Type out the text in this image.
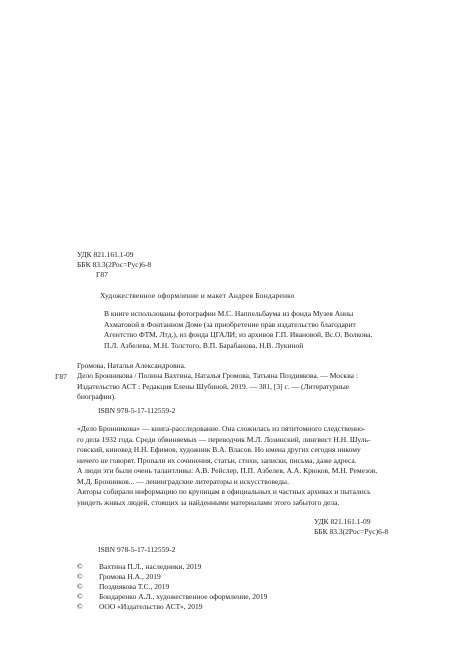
УДК 821.161.1-09
ББК 83.3(2Рос=Рус)6-8
Г87
Художественное оформление и макет Андрея Бондаренко
В книге использованы фотографии М.С. Наппельбаума из фонда Музея Анны
Ахматовой в Фонтанном Доме (за приобретение прав издательство благодарит
Агентство ФТМ, Лтд.), из фонда ЦГАЛИ; из архивов Г.П. Ивановой, Вс.О. Волкова,
П.Л. Азбелева, М.Н. Толстого, В.П. Барабанова, Н.В. Лукиной
Громова, Наталья Александровна.
Г87 Дело Бронникова / Полина Вахтина, Наталья Громова, Татьяна Поздиякова. — Москва :
Издательство АСТ : Редакция Елены Шубиной, 2019. — 381, [3] с. — (Литературные
биографии).
ISBN 978-5-17-112559-2
«Дело Бронникова» — книга-расследование. Она сложилась из пятитомного следственно-
го дела 1932 года. Среди обвиняемых — переводчик М.Л. Лозинский, лингвист Н.Н. Шуль-
говский, киновед Н.Н. Ефимов, художник В.А. Власов. Но имена других сегодня никому
ничего не говорят. Пропали их сочинения, статьи, стихи, записки, письма, даже адреса.
А люди эти были очень талантливы: А.В. Рейслер, П.П. Азбелев, А.А. Крюков, М.Н. Ремезов,
М.Д. Бронников... — ленинградские литераторы и искусствоведы.
Авторы собирали информацию по крупицам в официальных и частных архивах и пытались
увидеть живых людей, стоящих за найденными материалами этого забытого дела.
УДК 821.161.1-09
ББК 83.3(2Рос=Рус)6-8
ISBN 978-5-17-112559-2
© Вахтина П.Л., наследники, 2019
© Громова Н.А., 2019
© Поздиякова Т.С., 2019
© Бондаренко А.Л., художественное оформление, 2019
© ООО «Издательство АСТ», 2019
